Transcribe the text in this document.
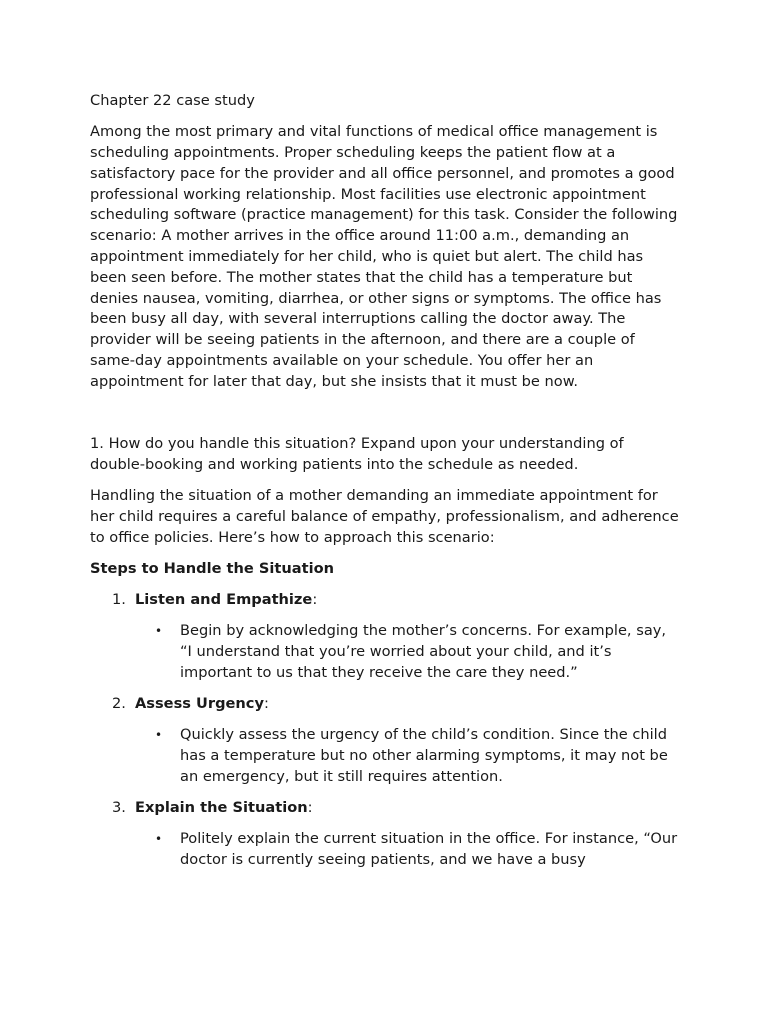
Chapter 22 case study

Among the most primary and vital functions of medical office management is scheduling appointments. Proper scheduling keeps the patient flow at a satisfactory pace for the provider and all office personnel, and promotes a good professional working relationship. Most facilities use electronic appointment scheduling software (practice management) for this task. Consider the following scenario: A mother arrives in the office around 11:00 a.m., demanding an appointment immediately for her child, who is quiet but alert. The child has been seen before. The mother states that the child has a temperature but denies nausea, vomiting, diarrhea, or other signs or symptoms. The office has been busy all day, with several interruptions calling the doctor away. The provider will be seeing patients in the afternoon, and there are a couple of same-day appointments available on your schedule. You offer her an appointment for later that day, but she insists that it must be now.

1. How do you handle this situation? Expand upon your understanding of double-booking and working patients into the schedule as needed.

Handling the situation of a mother demanding an immediate appointment for her child requires a careful balance of empathy, professionalism, and adherence to office policies. Here’s how to approach this scenario:

Steps to Handle the Situation

1. Listen and Empathize:
• Begin by acknowledging the mother’s concerns. For example, say, “I understand that you’re worried about your child, and it’s important to us that they receive the care they need.”
2. Assess Urgency:
• Quickly assess the urgency of the child’s condition. Since the child has a temperature but no other alarming symptoms, it may not be an emergency, but it still requires attention.
3. Explain the Situation:
• Politely explain the current situation in the office. For instance, “Our doctor is currently seeing patients, and we have a busy
